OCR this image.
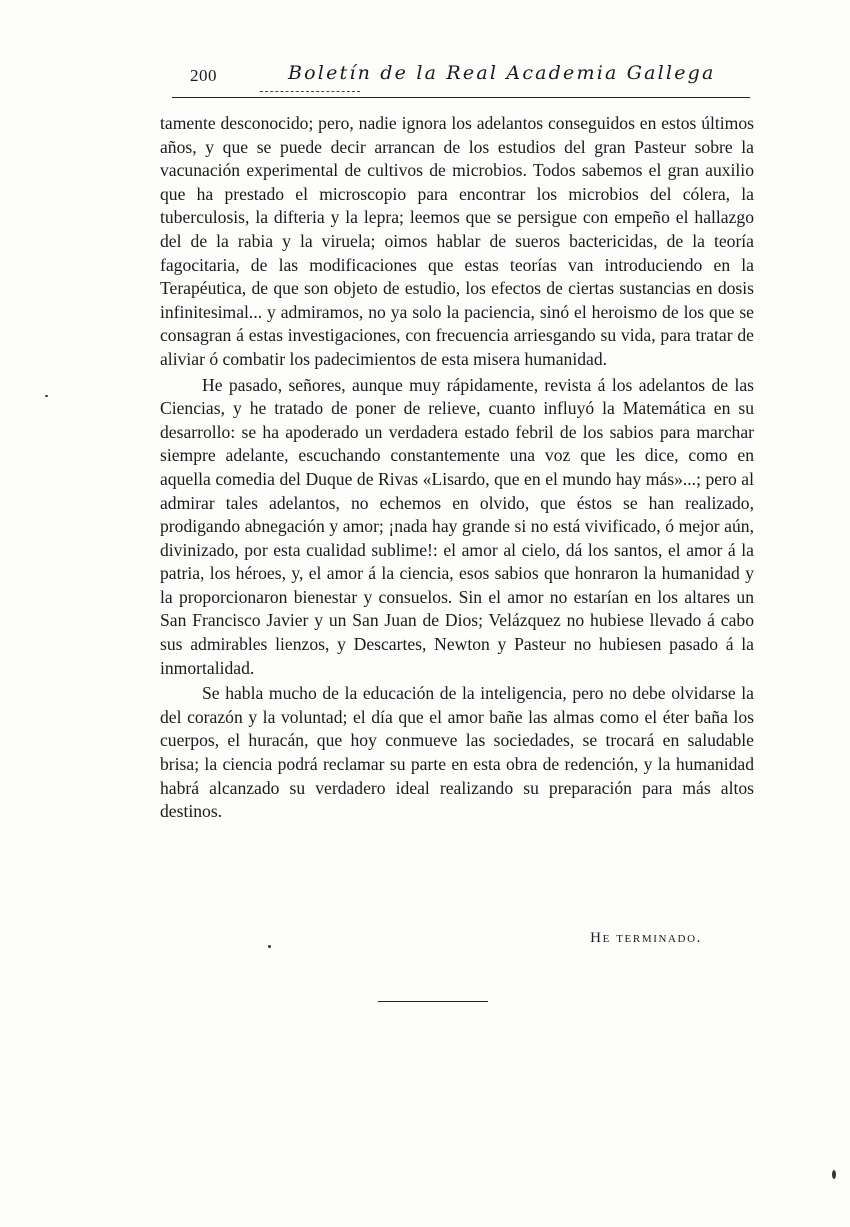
200	Boletín de la Real Academia Gallega

tamente desconocido; pero, nadie ignora los adelantos conseguidos en estos últimos años, y que se puede decir arrancan de los estudios del gran Pasteur sobre la vacunación experimental de cultivos de microbios. Todos sabemos el gran auxilio que ha prestado el microscopio para encontrar los microbios del cólera, la tuberculosis, la difteria y la lepra; leemos que se persigue con empeño el hallazgo del de la rabia y la viruela; oimos hablar de sueros bactericidas, de la teoría fagocitaria, de las modificaciones que estas teorías van introduciendo en la Terapéutica, de que son objeto de estudio, los efectos de ciertas sustancias en dosis infinitesimal... y admiramos, no ya solo la paciencia, sinó el heroismo de los que se consagran á estas investigaciones, con frecuencia arriesgando su vida, para tratar de aliviar ó combatir los padecimientos de esta misera humanidad.

He pasado, señores, aunque muy rápidamente, revista á los adelantos de las Ciencias, y he tratado de poner de relieve, cuanto influyó la Matemática en su desarrollo: se ha apoderado un verdadera estado febril de los sabios para marchar siempre adelante, escuchando constantemente una voz que les dice, como en aquella comedia del Duque de Rivas «Lisardo, que en el mundo hay más»...; pero al admirar tales adelantos, no echemos en olvido, que éstos se han realizado, prodigando abnegación y amor; ¡nada hay grande si no está vivificado, ó mejor aún, divinizado, por esta cualidad sublime!: el amor al cielo, dá los santos, el amor á la patria, los héroes, y, el amor á la ciencia, esos sabios que honraron la humanidad y la proporcionaron bienestar y consuelos. Sin el amor no estarían en los altares un San Francisco Javier y un San Juan de Dios; Velázquez no hubiese llevado á cabo sus admirables lienzos, y Descartes, Newton y Pasteur no hubiesen pasado á la inmortalidad.

Se habla mucho de la educación de la inteligencia, pero no debe olvidarse la del corazón y la voluntad; el día que el amor bañe las almas como el éter baña los cuerpos, el huracán, que hoy conmueve las sociedades, se trocará en saludable brisa; la ciencia podrá reclamar su parte en esta obra de redención, y la humanidad habrá alcanzado su verdadero ideal realizando su preparación para más altos destinos.

He terminado.
